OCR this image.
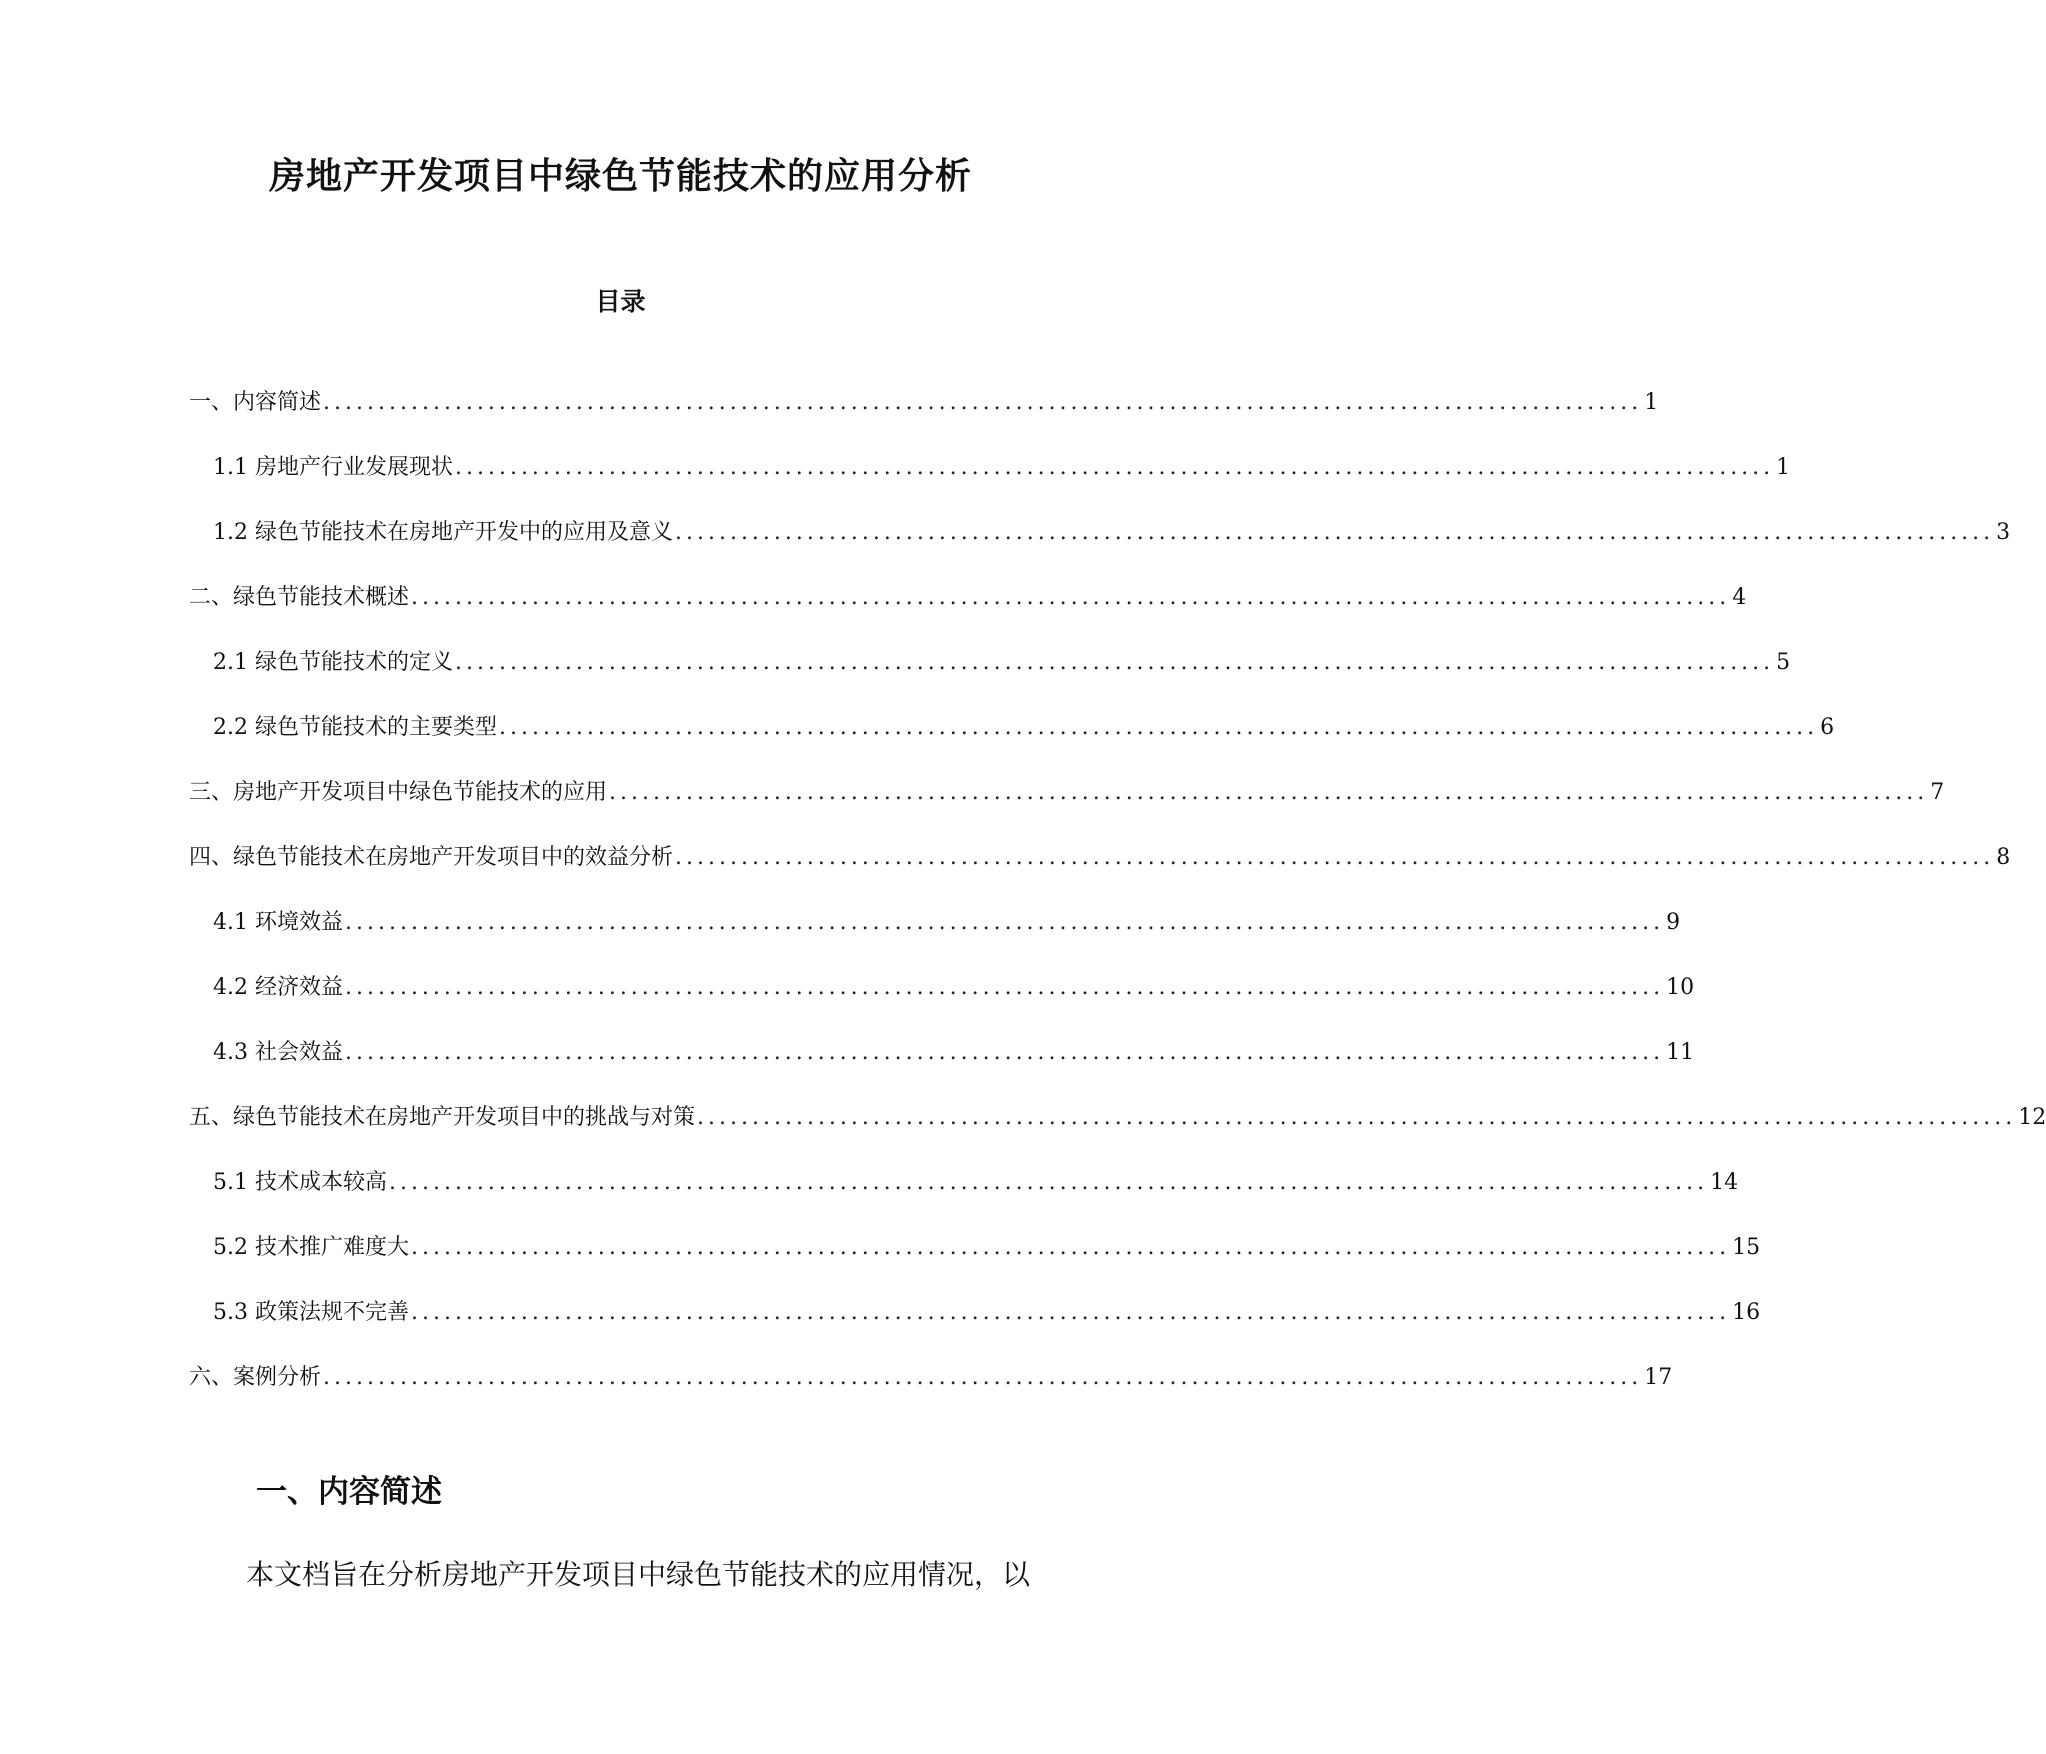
房地产开发项目中绿色节能技术的应用分析
目录
一、内容简述 ........................................................................................................................ 1
1.1 房地产行业发展现状 ........................................................................................................................ 1
1.2 绿色节能技术在房地产开发中的应用及意义 ........................................................................................................................ 3
二、绿色节能技术概述 ........................................................................................................................ 4
2.1 绿色节能技术的定义 ........................................................................................................................ 5
2.2 绿色节能技术的主要类型 ........................................................................................................................ 6
三、房地产开发项目中绿色节能技术的应用 ........................................................................................................................ 7
四、绿色节能技术在房地产开发项目中的效益分析 ........................................................................................................................ 8
4.1 环境效益 ........................................................................................................................ 9
4.2 经济效益 ........................................................................................................................ 10
4.3 社会效益 ........................................................................................................................ 11
五、绿色节能技术在房地产开发项目中的挑战与对策 ........................................................................................................................ 12
5.1 技术成本较高 ........................................................................................................................ 14
5.2 技术推广难度大 ........................................................................................................................ 15
5.3 政策法规不完善 ........................................................................................................................ 16
六、案例分析 ........................................................................................................................ 17
一、内容简述
本文档旨在分析房地产开发项目中绿色节能技术的应用情况，以
